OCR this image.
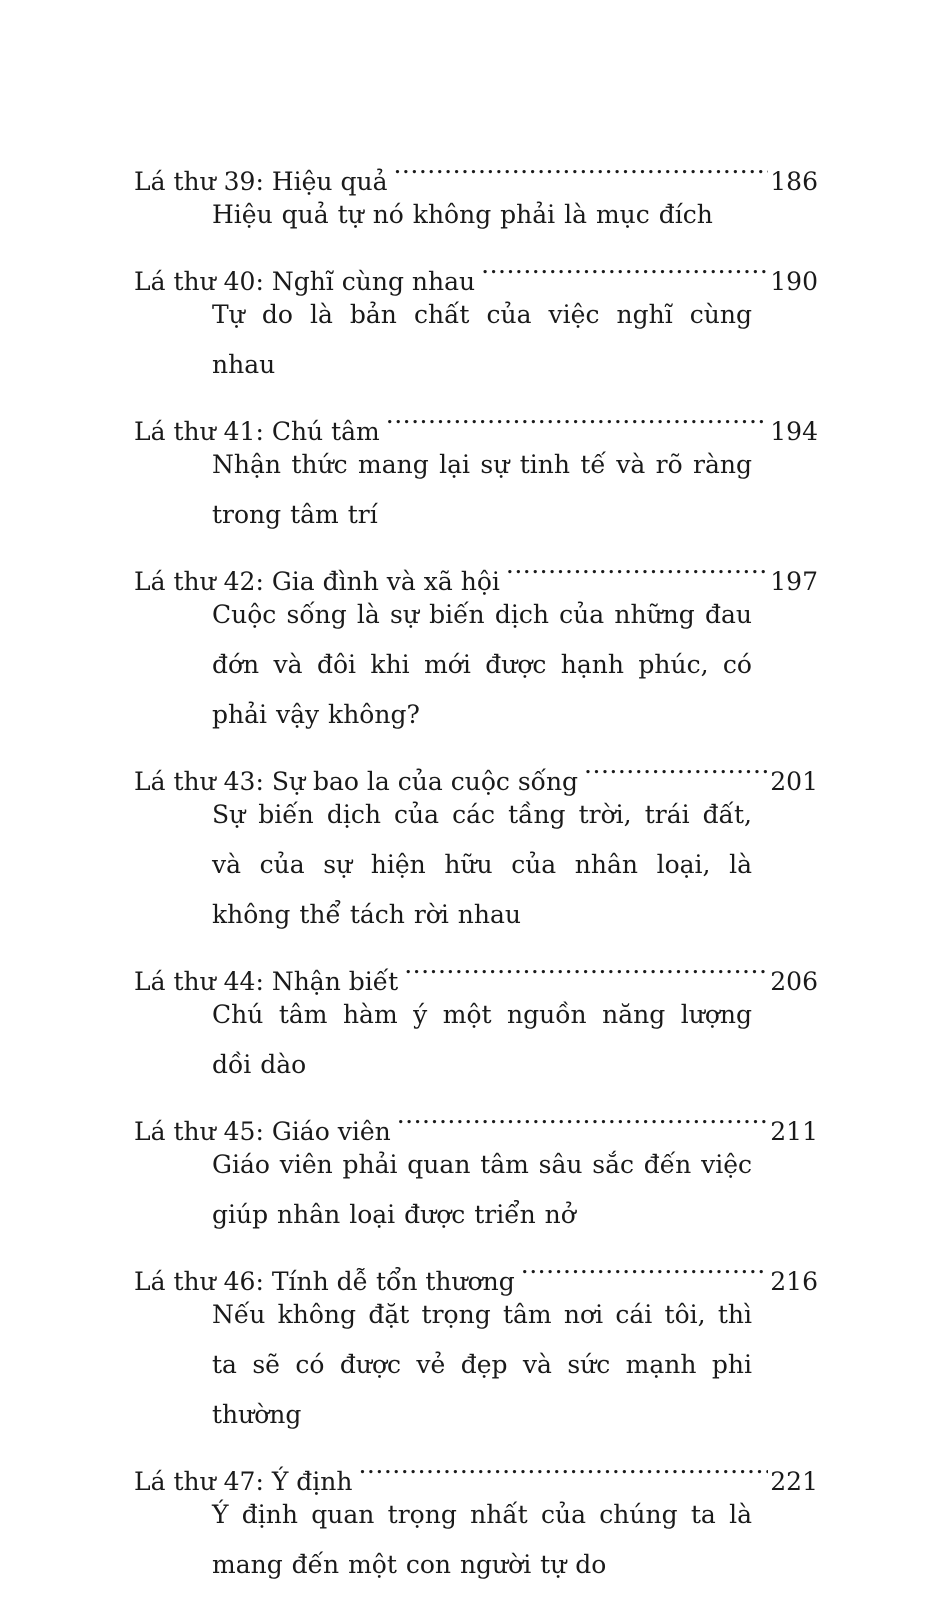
Lá thư 39: Hiệu quả .....	186
Hiệu quả tự nó không phải là mục đích
Lá thư 40: Nghĩ cùng nhau .....	190
Tự do là bản chất của việc nghĩ cùng nhau
Lá thư 41: Chú tâm .....	194
Nhận thức mang lại sự tinh tế và rõ ràng trong tâm trí
Lá thư 42: Gia đình và xã hội .....	197
Cuộc sống là sự biến dịch của những đau đớn và đôi khi mới được hạnh phúc, có phải vậy không?
Lá thư 43: Sự bao la của cuộc sống .....	201
Sự biến dịch của các tầng trời, trái đất, và của sự hiện hữu của nhân loại, là không thể tách rời nhau
Lá thư 44: Nhận biết .....	206
Chú tâm hàm ý một nguồn năng lượng dồi dào
Lá thư 45: Giáo viên .....	211
Giáo viên phải quan tâm sâu sắc đến việc giúp nhân loại được triển nở
Lá thư 46: Tính dễ tổn thương .....	216
Nếu không đặt trọng tâm nơi cái tôi, thì ta sẽ có được vẻ đẹp và sức mạnh phi thường
Lá thư 47: Ý định .....	221
Ý định quan trọng nhất của chúng ta là mang đến một con người tự do
